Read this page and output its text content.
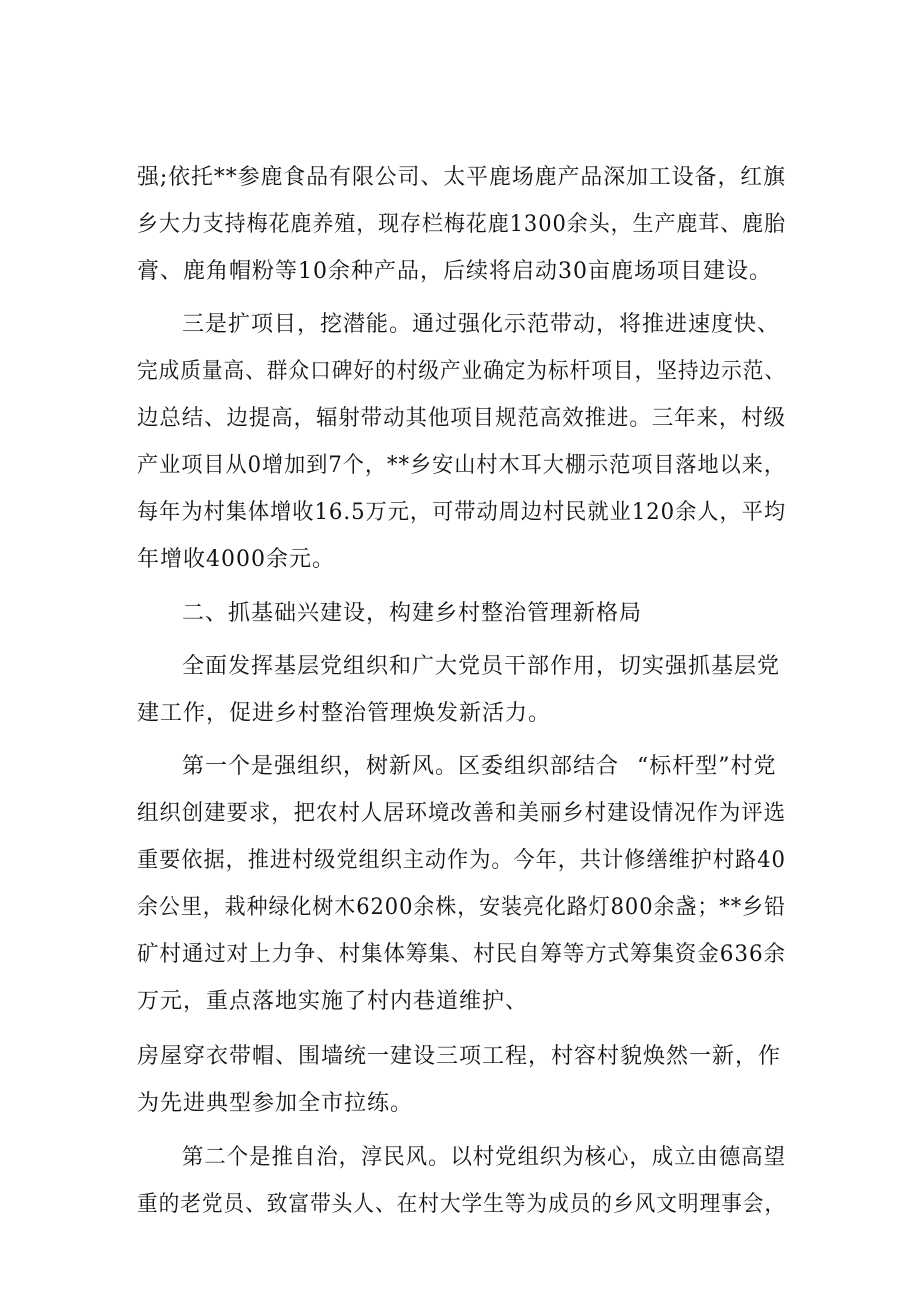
强;依托**参鹿食品有限公司、太平鹿场鹿产品深加工设备，红旗
乡大力支持梅花鹿养殖，现存栏梅花鹿1300余头，生产鹿茸、鹿胎
膏、鹿角帽粉等10余种产品，后续将启动30亩鹿场项目建设。
三是扩项目，挖潜能。通过强化示范带动，将推进速度快、
完成质量高、群众口碑好的村级产业确定为标杆项目，坚持边示范、
边总结、边提高，辐射带动其他项目规范高效推进。三年来，村级
产业项目从0增加到7个，**乡安山村木耳大棚示范项目落地以来，
每年为村集体增收16.5万元，可带动周边村民就业120余人，平均
年增收4000余元。
二、抓基础兴建设，构建乡村整治管理新格局
全面发挥基层党组织和广大党员干部作用，切实强抓基层党
建工作，促进乡村整治管理焕发新活力。
第一个是强组织，树新风。区委组织部结合 “标杆型”村党
组织创建要求，把农村人居环境改善和美丽乡村建设情况作为评选
重要依据，推进村级党组织主动作为。今年，共计修缮维护村路40
余公里，栽种绿化树木6200余株，安装亮化路灯800余盏；**乡铅
矿村通过对上力争、村集体筹集、村民自筹等方式筹集资金636余
万元，重点落地实施了村内巷道维护、
房屋穿衣带帽、围墙统一建设三项工程，村容村貌焕然一新，作
为先进典型参加全市拉练。
第二个是推自治，淳民风。以村党组织为核心，成立由德高望
重的老党员、致富带头人、在村大学生等为成员的乡风文明理事会，
